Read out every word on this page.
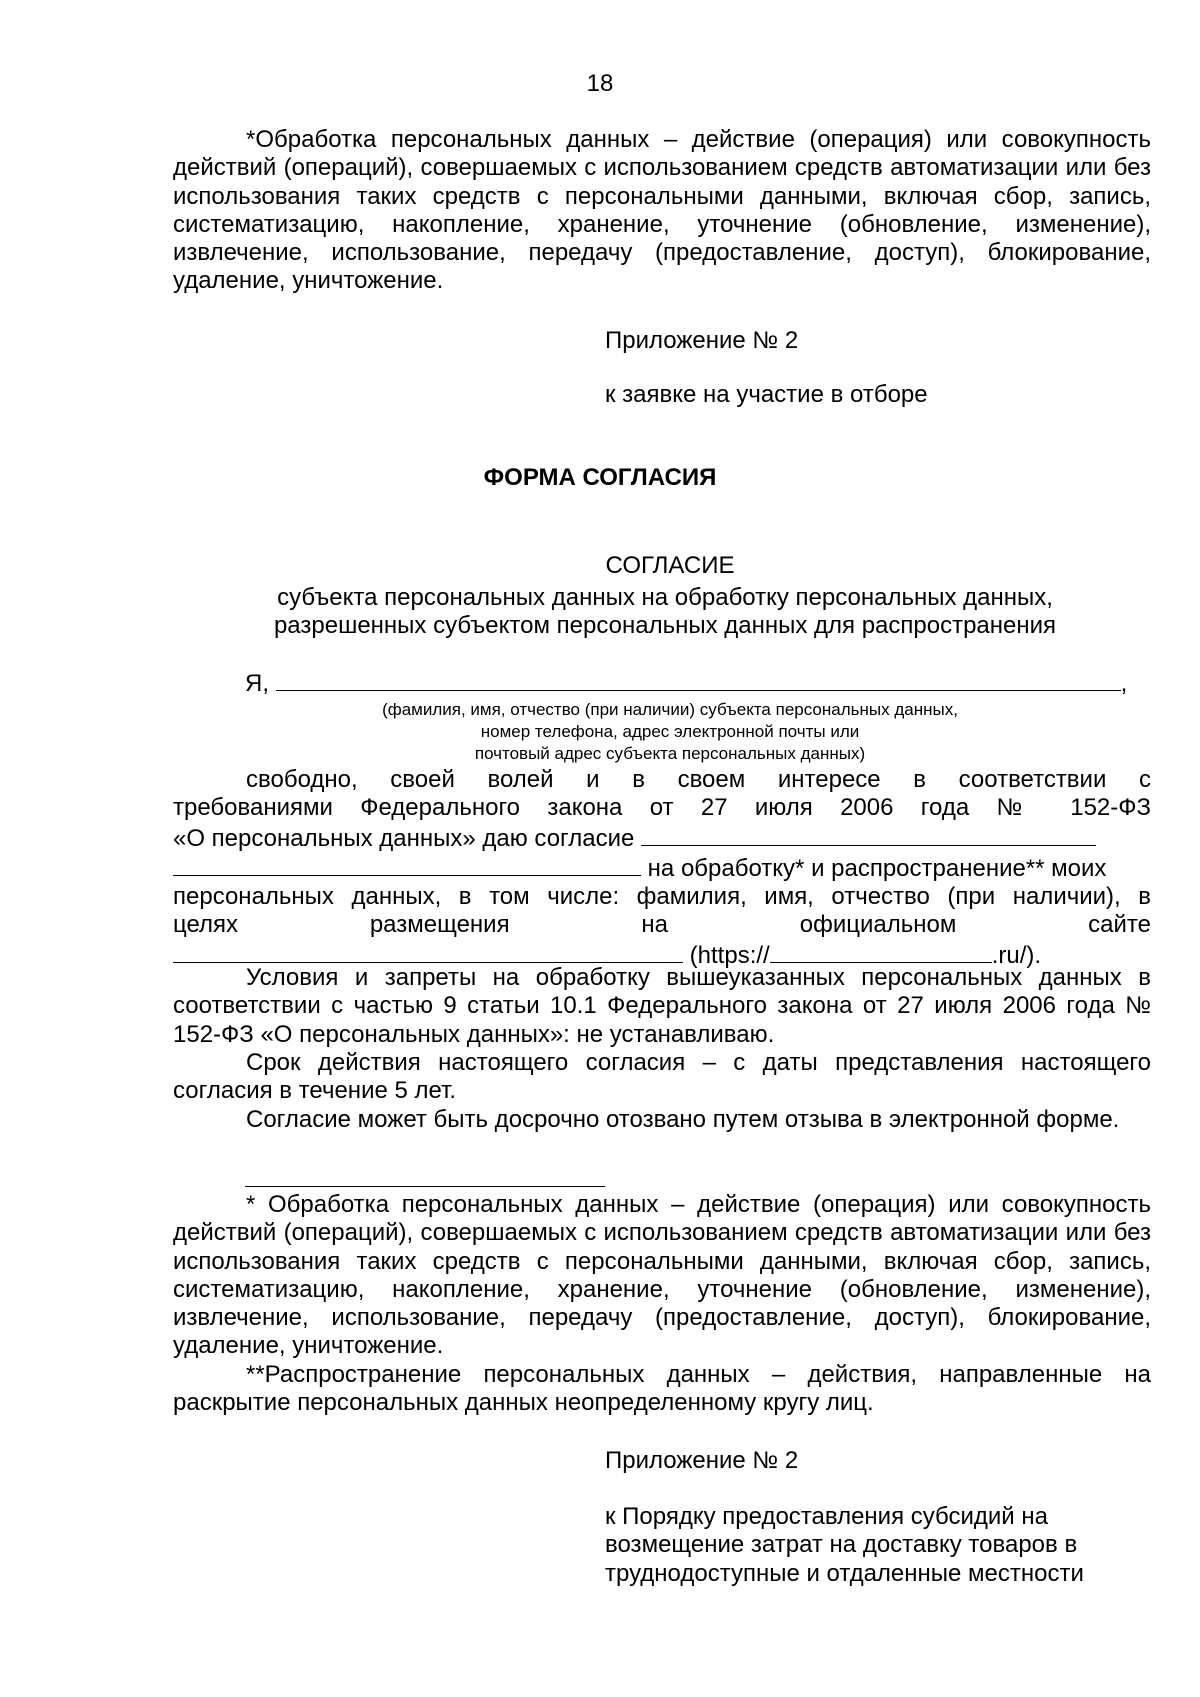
18

*Обработка персональных данных – действие (операция) или совокупность действий (операций), совершаемых с использованием средств автоматизации или без использования таких средств с персональными данными, включая сбор, запись, систематизацию, накопление, хранение, уточнение (обновление, изменение), извлечение, использование, передачу (предоставление, доступ), блокирование, удаление, уничтожение.

Приложение № 2
к заявке на участие в отборе
ФОРМА СОГЛАСИЯ
СОГЛАСИЕ
субъекта персональных данных на обработку персональных данных,
разрешенных субъектом персональных данных для распространения
Я,	,
(фамилия, имя, отчество (при наличии) субъекта персональных данных,
номер телефона, адрес электронной почты или
почтовый адрес субъекта персональных данных)

свободно, своей волей и в своем интересе в соответствии с

требованиями Федерального закона от 27 июля 2006 года № 152-ФЗ

«О персональных данных» даю согласие
на обработку* и распространение** моих

персональных данных, в том числе: фамилия, имя, отчество (при наличии), в

целях размещения на официальном сайте

(https://	.ru/).

Условия и запреты на обработку вышеуказанных персональных данных в соответствии с частью 9 статьи 10.1 Федерального закона от 27 июля 2006 года № 152-ФЗ «О персональных данных»: не устанавливаю.

Срок действия настоящего согласия – с даты представления настоящего согласия в течение 5 лет.

Согласие может быть досрочно отозвано путем отзыва в электронной форме.

* Обработка персональных данных – действие (операция) или совокупность действий (операций), совершаемых с использованием средств автоматизации или без использования таких средств с персональными данными, включая сбор, запись, систематизацию, накопление, хранение, уточнение (обновление, изменение), извлечение, использование, передачу (предоставление, доступ), блокирование, удаление, уничтожение.

**Распространение персональных данных – действия, направленные на раскрытие персональных данных неопределенному кругу лиц.

Приложение № 2
к Порядку предоставления субсидий на
возмещение затрат на доставку товаров в
труднодоступные и отдаленные местности
